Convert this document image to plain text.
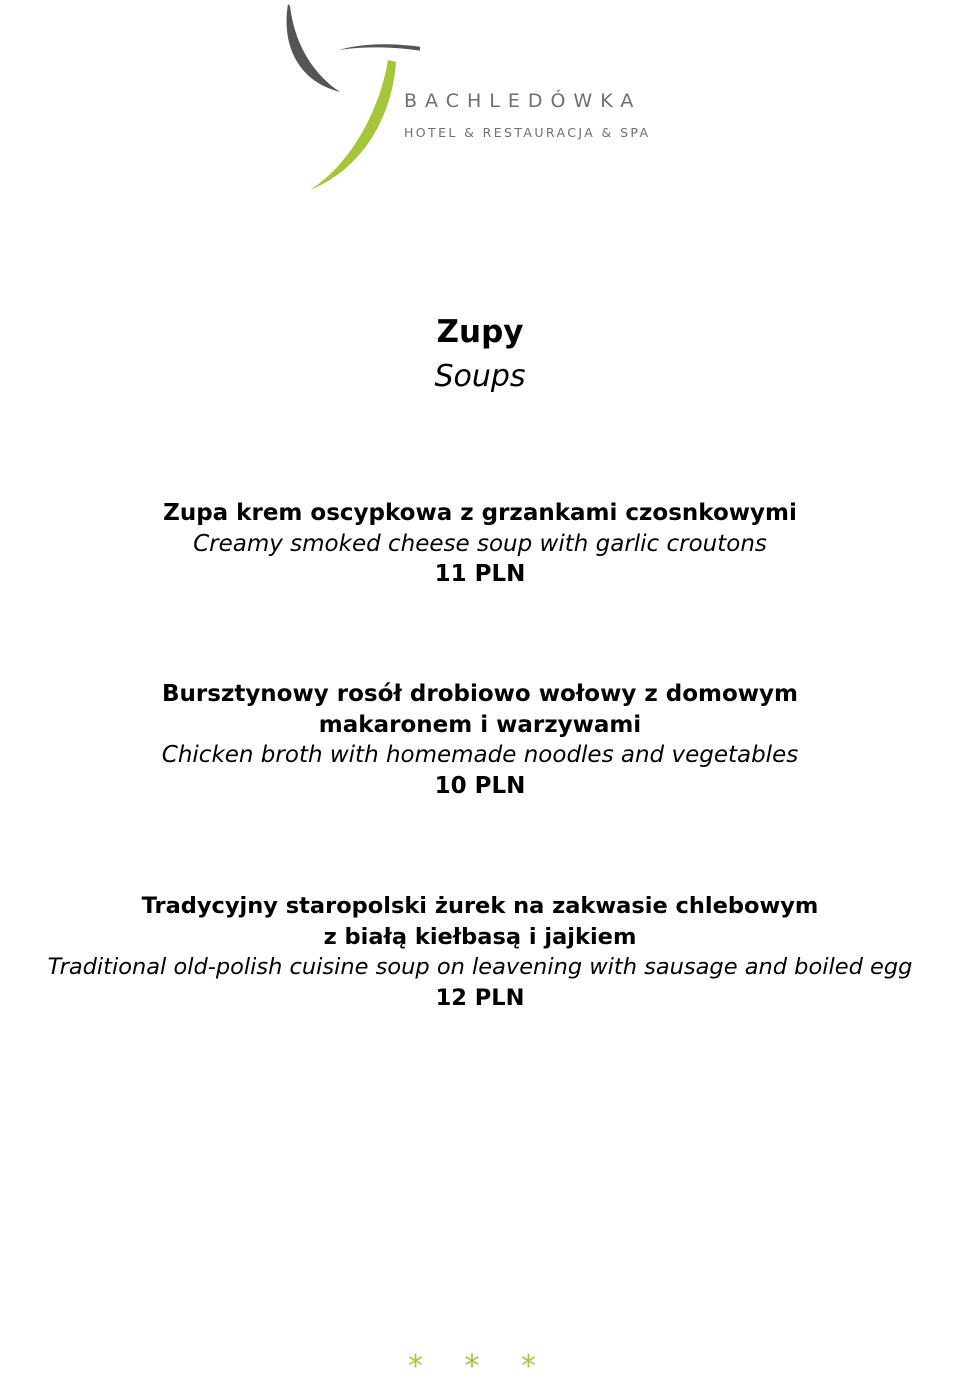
BACHLEDÓWKA
HOTEL & RESTAURACJA & SPA
Zupy
Soups
Zupa krem oscypkowa z grzankami czosnkowymi
Creamy smoked cheese soup with garlic croutons
11 PLN
Bursztynowy rosół drobiowo wołowy z domowym
makaronem i warzywami
Chicken broth with homemade noodles and vegetables
10 PLN
Tradycyjny staropolski żurek na zakwasie chlebowym
z białą kiełbasą i jajkiem
Traditional old-polish cuisine soup on leavening with sausage and boiled egg
12 PLN
* * *
